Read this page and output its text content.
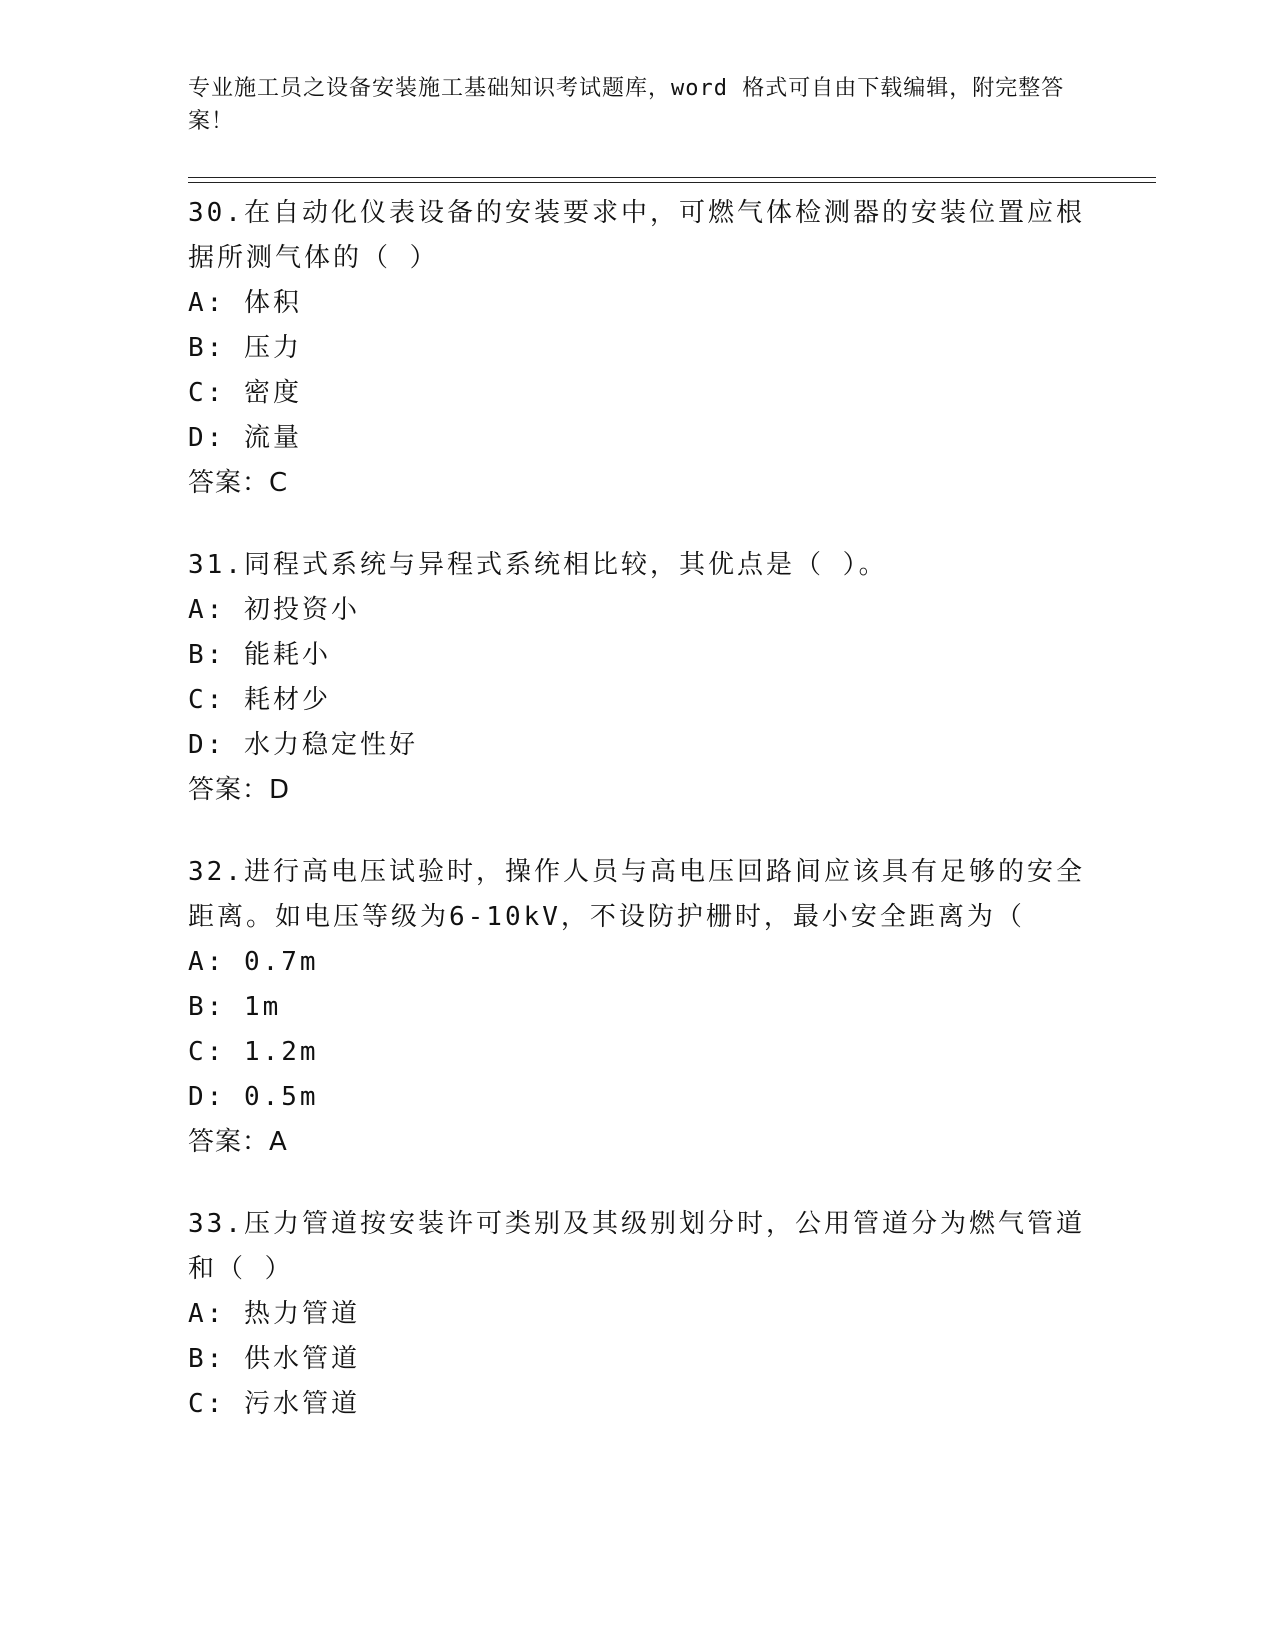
专业施工员之设备安装施工基础知识考试题库，word 格式可自由下载编辑，附完整答案！
30.在自动化仪表设备的安装要求中，可燃气体检测器的安装位置应根据所测气体的（ ）
A: 体积
B: 压力
C: 密度
D: 流量
答案：C
31.同程式系统与异程式系统相比较，其优点是（ ）。
A: 初投资小
B: 能耗小
C: 耗材少
D: 水力稳定性好
答案：D
32.进行高电压试验时，操作人员与高电压回路间应该具有足够的安全距离。如电压等级为6-10kV，不设防护栅时，最小安全距离为（
A: 0.7m
B: 1m
C: 1.2m
D: 0.5m
答案：A
33.压力管道按安装许可类别及其级别划分时，公用管道分为燃气管道和（ ）
A: 热力管道
B: 供水管道
C: 污水管道
